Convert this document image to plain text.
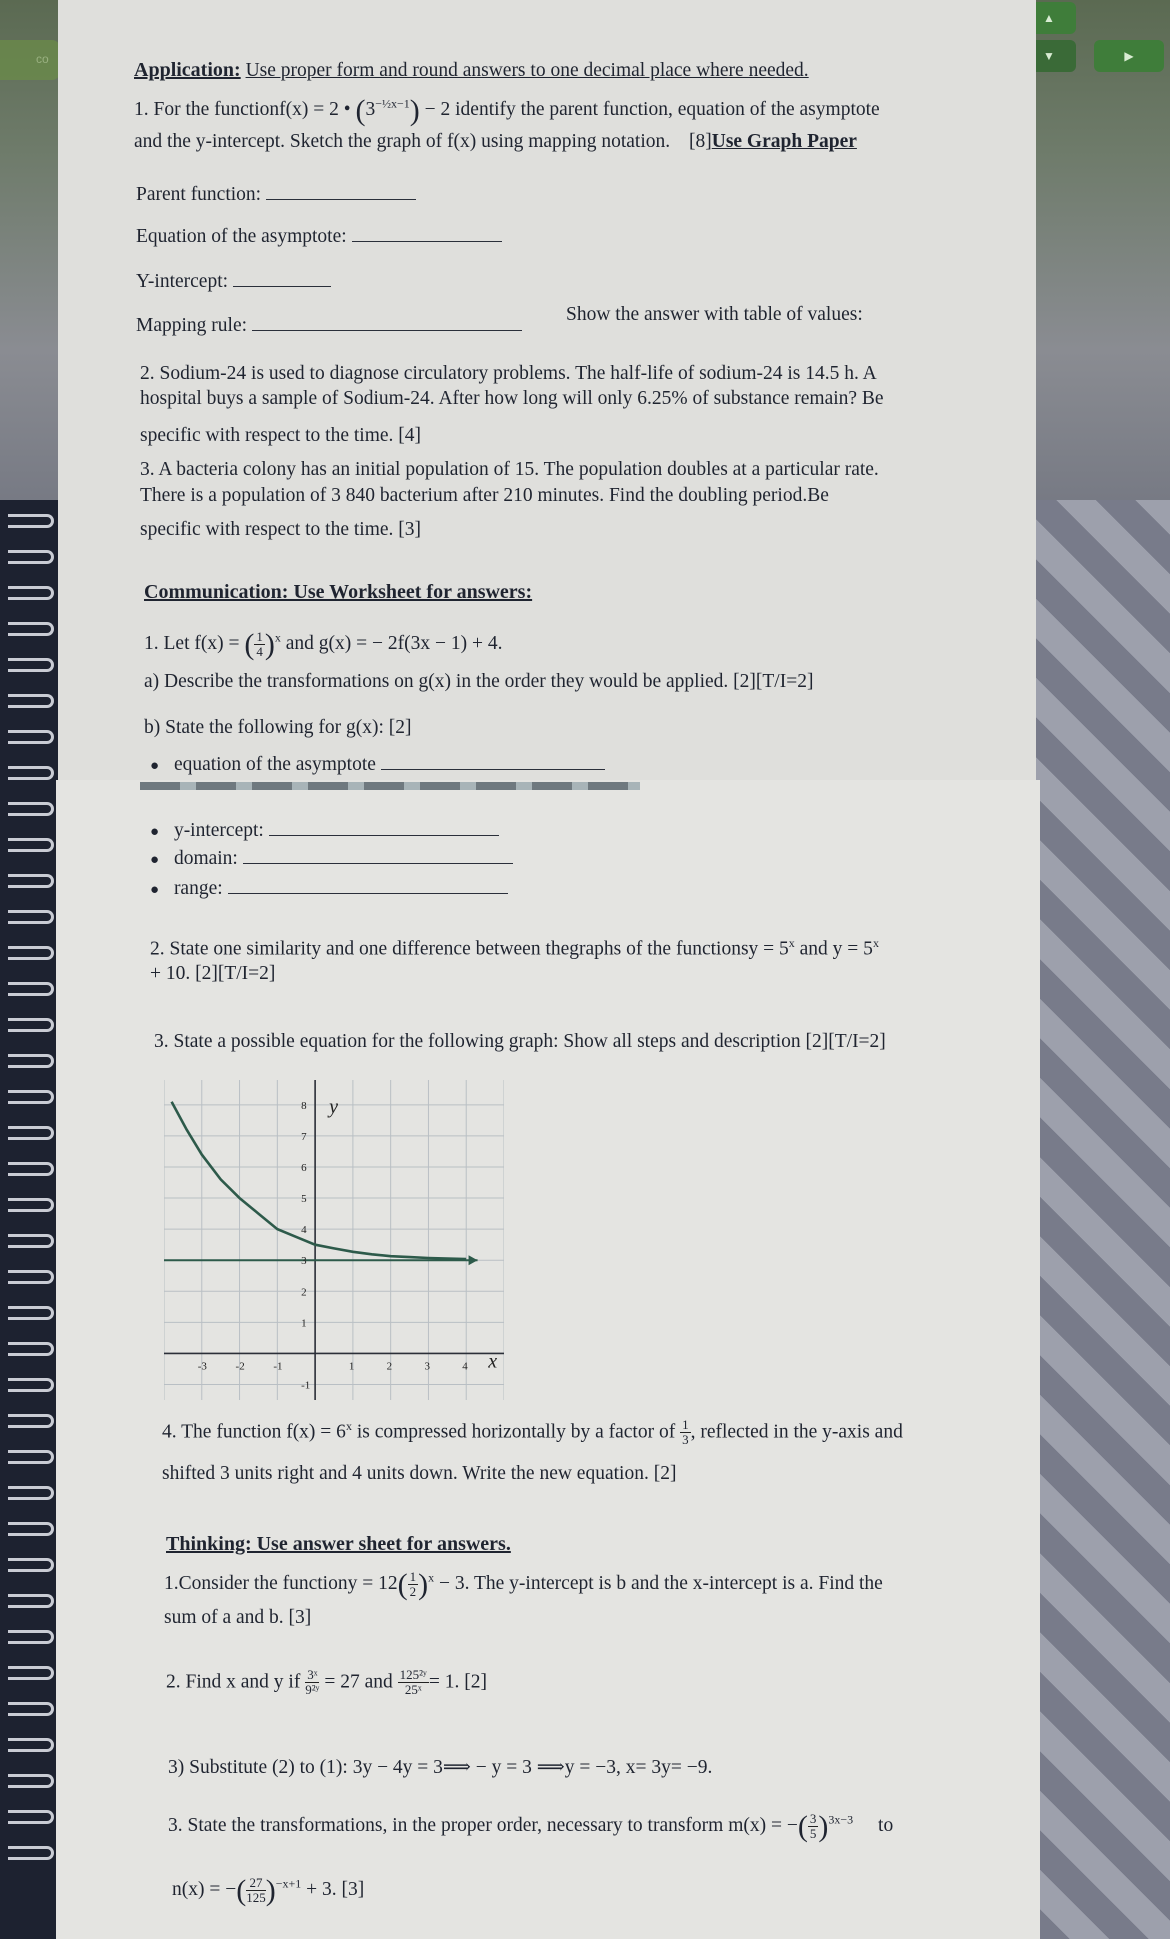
co
▲
▼	▶
Application: Use proper form and round answers to one decimal place where needed.
1. For the functionf(x) = 2 • $(3^{-\frac{1}{2}x-1}) - 2$ identify the parent function, equation of the asymptote
and the y-intercept. Sketch the graph of f(x) using mapping notation. [8]Use Graph Paper
Parent function:
Equation of the asymptote:
Y-intercept:
Mapping rule:
Show the answer with table of values:
2. Sodium-24 is used to diagnose circulatory problems. The half-life of sodium-24 is 14.5 h. A
hospital buys a sample of Sodium-24. After how long will only 6.25% of substance remain? Be
specific with respect to the time. [4]
3. A bacteria colony has an initial population of 15. The population doubles at a particular rate.
There is a population of 3 840 bacterium after 210 minutes. Find the doubling period.Be
specific with respect to the time. [3]
Communication: Use Worksheet for answers:
1. Let f(x) = ( $\frac{1}{4} )^x$ and g(x) = − 2f(3x − 1) + 4.
a) Describe the transformations on g(x) in the order they would be applied. [2][T/I=2]
b) State the following for g(x): [2]
● equation of the asymptote
● y-intercept:
● domain:
● range:
2. State one similarity and one difference between thegraphs of the functionsy = $5^x$ and $y = 5^x$
+ 10. [2][T/I=2]
3. State a possible equation for the following graph: Show all steps and description [2][T/I=2]
-3	-2	-1	1	2	3	4
-1
1
2
3
4
5
6
7
8 y
x
4. The function $f(x) = 6^x$ is compressed horizontally by a factor of $\frac{1}{3}$ , reflected in the y-axis and
shifted 3 units right and 4 units down. Write the new equation. [2]
Thinking: Use answer sheet for answers.
1.Consider the functiony = $12( \frac{1}{2} )^x - 3$. The y-intercept is b and the x-intercept is a. Find the
sum of a and b. [3]
2. Find x and y if $\frac{\text{3ˣ}}{\text{9²ʸ}} = 27$ and $\frac{\text{125²ʸ}}{\text{25ˣ}} = 1$. [2]
3) Substitute (2) to (1): 3y − 4y = 3⟹ − y = 3 ⟹y = −3, x= 3y= −9.
3. State the transformations, in the proper order, necessary to transform m(x) = −( $\frac{3}{5} )^{3x-3}$ to
n(x) = −( $\frac{27}{125} )^{-x+1} + 3$. [3]
